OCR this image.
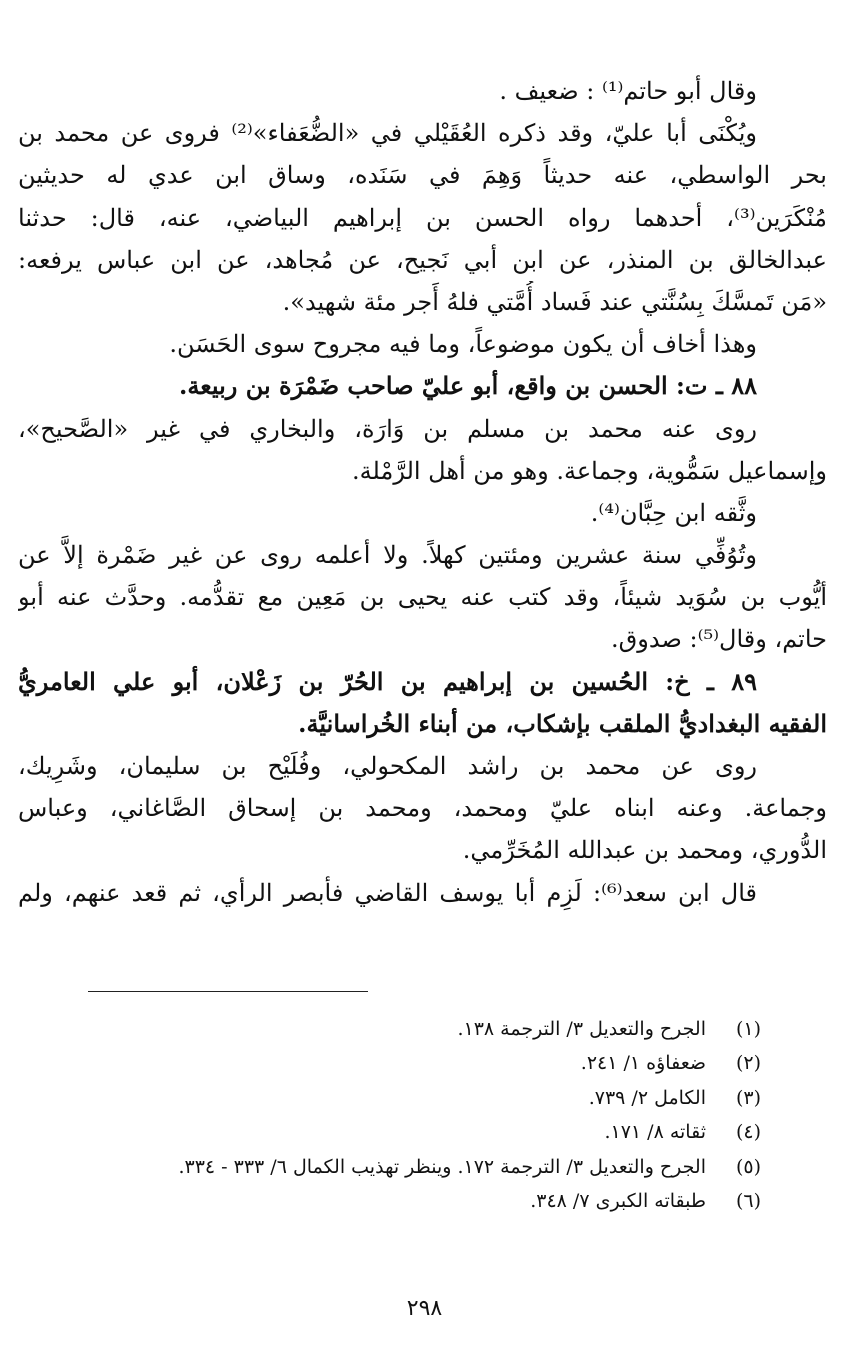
وقال أبو حاتم⁽¹⁾ : ضعيف .
ويُكْنَى أبا عليّ، وقد ذكره العُقَيْلي في «الضُّعَفاء»⁽²⁾ فروى عن محمد بن
بحر الواسطي، عنه حديثاً وَهِمَ في سَنَده، وساق ابن عدي له حديثين
مُنْكَرَين⁽³⁾، أحدهما رواه الحسن بن إبراهيم البياضي، عنه، قال: حدثنا
عبدالخالق بن المنذر، عن ابن أبي نَجيح، عن مُجاهد، عن ابن عباس يرفعه:
«مَن تَمسَّكَ بِسُنَّتي عند فَساد أُمَّتي فلهُ أَجر مئة شهيد».
وهذا أخاف أن يكون موضوعاً، وما فيه مجروح سوى الحَسَن.
٨٨ ـ ت: الحسن بن واقع، أبو عليّ صاحب ضَمْرَة بن ربيعة.
روى عنه محمد بن مسلم بن وَارَة، والبخاري في غير «الصَّحيح»،
وإسماعيل سَمُّوية، وجماعة. وهو من أهل الرَّمْلة.
وثَّقه ابن حِبَّان⁽⁴⁾.
وتُوُفِّي سنة عشرين ومئتين كهلاً. ولا أعلمه روى عن غير ضَمْرة إلاَّ عن
أيُّوب بن سُوَيد شيئاً، وقد كتب عنه يحيى بن مَعِين مع تقدُّمه. وحدَّث عنه أبو
حاتم، وقال⁽⁵⁾: صدوق.
٨٩ ـ خ: الحُسين بن إبراهيم بن الحُرّ بن زَعْلان، أبو علي العامريُّ
الفقيه البغداديُّ الملقب بإشكاب، من أبناء الخُراسانيَّة.
روى عن محمد بن راشد المكحولي، وفُلَيْح بن سليمان، وشَرِيك،
وجماعة. وعنه ابناه عليّ ومحمد، ومحمد بن إسحاق الصَّاغاني، وعباس
الدُّوري، ومحمد بن عبدالله المُخَرِّمي.
قال ابن سعد⁽⁶⁾: لَزِم أبا يوسف القاضي فأبصر الرأي، ثم قعد عنهم، ولم
(١)الجرح والتعديل ٣/ الترجمة ١٣٨.
(٢)ضعفاؤه ١/ ٢٤١.
(٣)الكامل ٢/ ٧٣٩.
(٤)ثقاته ٨/ ١٧١.
(٥)الجرح والتعديل ٣/ الترجمة ١٧٢. وينظر تهذيب الكمال ٦/ ٣٣٣ - ٣٣٤.
(٦)طبقاته الكبرى ٧/ ٣٤٨.
٢٩٨
